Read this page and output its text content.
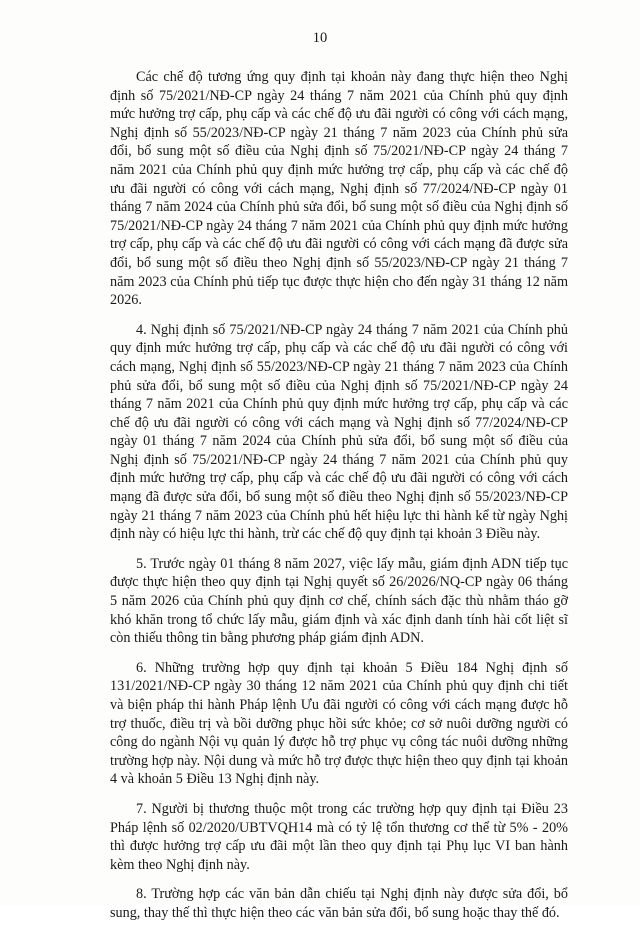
10

Các chế độ tương ứng quy định tại khoản này đang thực hiện theo Nghị định số 75/2021/NĐ-CP ngày 24 tháng 7 năm 2021 của Chính phủ quy định mức hưởng trợ cấp, phụ cấp và các chế độ ưu đãi người có công với cách mạng, Nghị định số 55/2023/NĐ-CP ngày 21 tháng 7 năm 2023 của Chính phủ sửa đổi, bổ sung một số điều của Nghị định số 75/2021/NĐ-CP ngày 24 tháng 7 năm 2021 của Chính phủ quy định mức hưởng trợ cấp, phụ cấp và các chế độ ưu đãi người có công với cách mạng, Nghị định số 77/2024/NĐ-CP ngày 01 tháng 7 năm 2024 của Chính phủ sửa đổi, bổ sung một số điều của Nghị định số 75/2021/NĐ-CP ngày 24 tháng 7 năm 2021 của Chính phủ quy định mức hưởng trợ cấp, phụ cấp và các chế độ ưu đãi người có công với cách mạng đã được sửa đổi, bổ sung một số điều theo Nghị định số 55/2023/NĐ-CP ngày 21 tháng 7 năm 2023 của Chính phủ tiếp tục được thực hiện cho đến ngày 31 tháng 12 năm 2026.

4. Nghị định số 75/2021/NĐ-CP ngày 24 tháng 7 năm 2021 của Chính phủ quy định mức hưởng trợ cấp, phụ cấp và các chế độ ưu đãi người có công với cách mạng, Nghị định số 55/2023/NĐ-CP ngày 21 tháng 7 năm 2023 của Chính phủ sửa đổi, bổ sung một số điều của Nghị định số 75/2021/NĐ-CP ngày 24 tháng 7 năm 2021 của Chính phủ quy định mức hưởng trợ cấp, phụ cấp và các chế độ ưu đãi người có công với cách mạng và Nghị định số 77/2024/NĐ-CP ngày 01 tháng 7 năm 2024 của Chính phủ sửa đổi, bổ sung một số điều của Nghị định số 75/2021/NĐ-CP ngày 24 tháng 7 năm 2021 của Chính phủ quy định mức hưởng trợ cấp, phụ cấp và các chế độ ưu đãi người có công với cách mạng đã được sửa đổi, bổ sung một số điều theo Nghị định số 55/2023/NĐ-CP ngày 21 tháng 7 năm 2023 của Chính phủ hết hiệu lực thi hành kể từ ngày Nghị định này có hiệu lực thi hành, trừ các chế độ quy định tại khoản 3 Điều này.

5. Trước ngày 01 tháng 8 năm 2027, việc lấy mẫu, giám định ADN tiếp tục được thực hiện theo quy định tại Nghị quyết số 26/2026/NQ-CP ngày 06 tháng 5 năm 2026 của Chính phủ quy định cơ chế, chính sách đặc thù nhằm tháo gỡ khó khăn trong tổ chức lấy mẫu, giám định và xác định danh tính hài cốt liệt sĩ còn thiếu thông tin bằng phương pháp giám định ADN.

6. Những trường hợp quy định tại khoản 5 Điều 184 Nghị định số 131/2021/NĐ-CP ngày 30 tháng 12 năm 2021 của Chính phủ quy định chi tiết và biện pháp thi hành Pháp lệnh Ưu đãi người có công với cách mạng được hỗ trợ thuốc, điều trị và bồi dưỡng phục hồi sức khỏe; cơ sở nuôi dưỡng người có công do ngành Nội vụ quản lý được hỗ trợ phục vụ công tác nuôi dưỡng những trường hợp này. Nội dung và mức hỗ trợ được thực hiện theo quy định tại khoản 4 và khoản 5 Điều 13 Nghị định này.

7. Người bị thương thuộc một trong các trường hợp quy định tại Điều 23 Pháp lệnh số 02/2020/UBTVQH14 mà có tỷ lệ tổn thương cơ thể từ 5% - 20% thì được hưởng trợ cấp ưu đãi một lần theo quy định tại Phụ lục VI ban hành kèm theo Nghị định này.

8. Trường hợp các văn bản dẫn chiếu tại Nghị định này được sửa đổi, bổ sung, thay thế thì thực hiện theo các văn bản sửa đổi, bổ sung hoặc thay thế đó.
